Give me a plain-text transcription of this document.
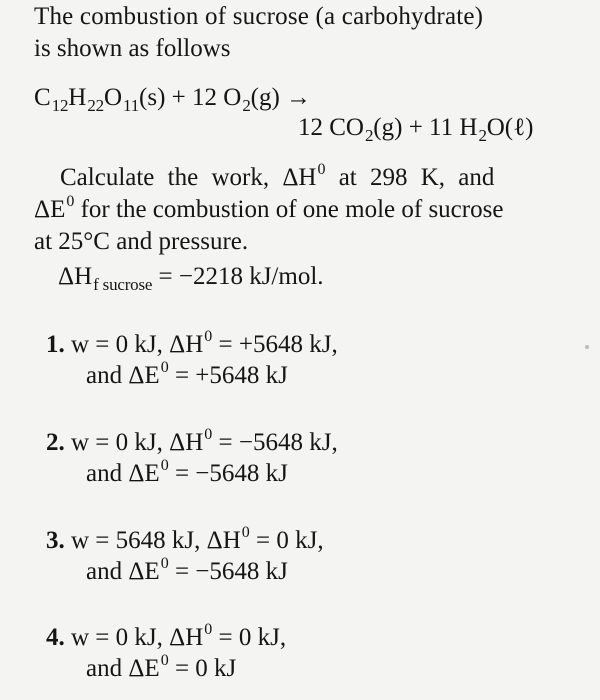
The combustion of sucrose (a carbohydrate)
is shown as follows
$C_{12}H_{22}O_{11}(s) + 12$ $O_2(g)$ →
12 $CO_2(g) + 11$ $H_2O(\ell)$
Calculate the work, $\Delta H^0$ at 298 K, and
$\Delta E^0$ for the combustion of one mole of sucrose
at 25°C and pressure.
$\Delta H_{f sucrose} = -2218$ kJ/mol.
1. w = 0 kJ, $\Delta H^0 = +5648$ kJ,
and $\Delta E^0 = +5648$ kJ
2. w = 0 kJ, $\Delta H^0 = -5648$ kJ,
and $\Delta E^0 = -5648$ kJ
3. w = 5648 kJ, $\Delta H^0 = 0$ kJ,
and $\Delta E^0 = -5648$ kJ
4. w = 0 kJ, $\Delta H^0 = 0$ kJ,
and $\Delta E^0 = 0$ kJ
